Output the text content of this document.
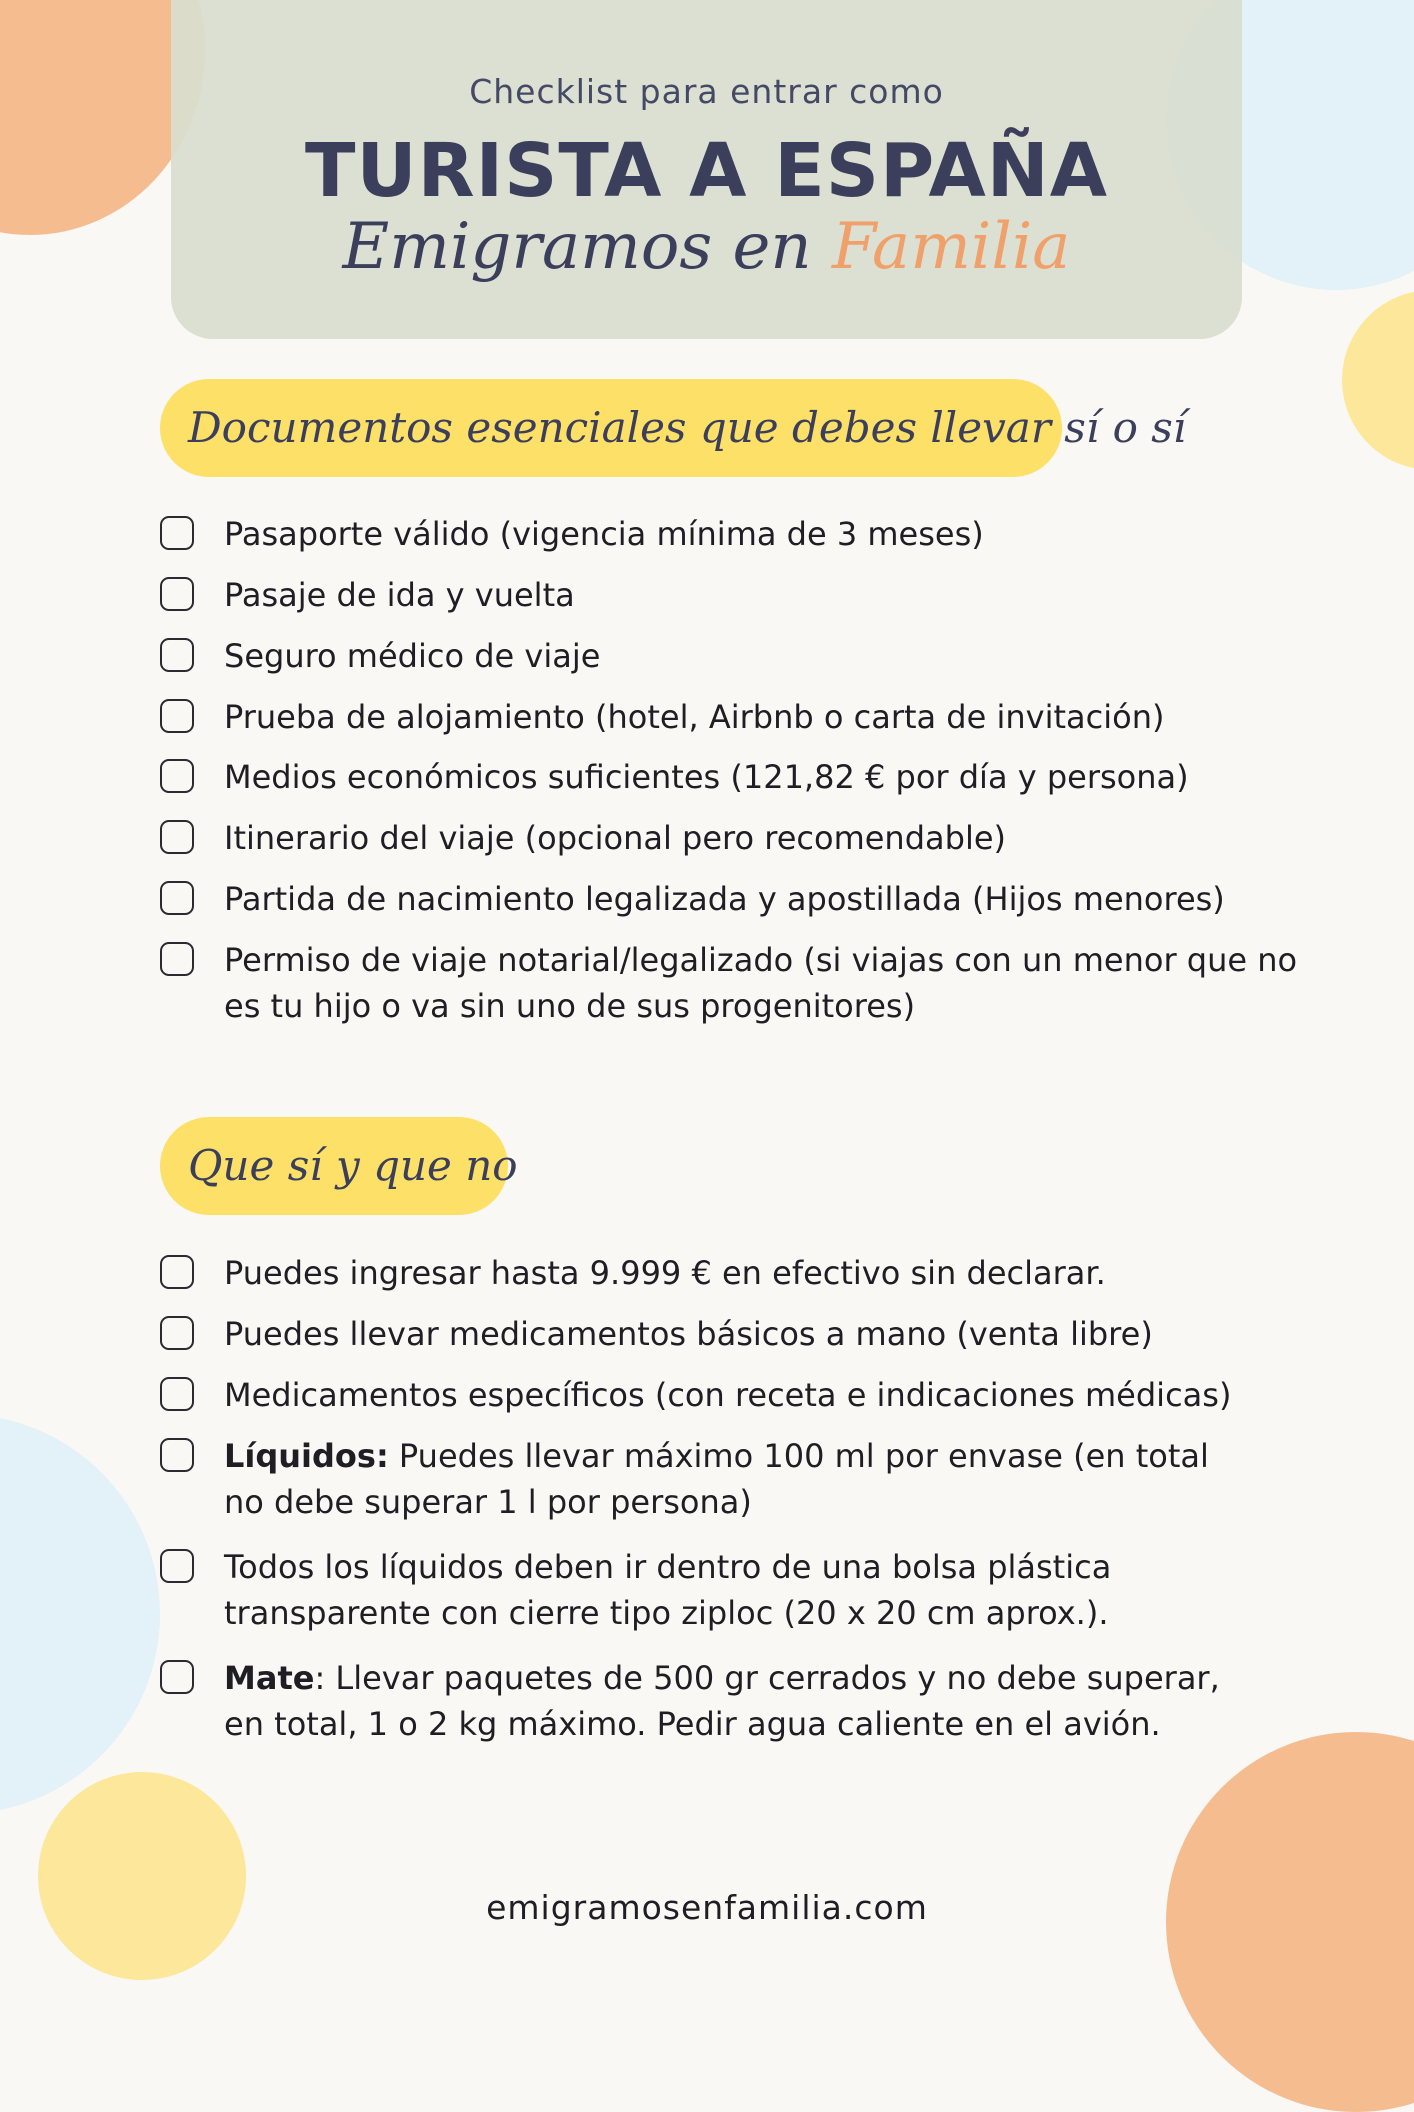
Checklist para entrar como
TURISTA A ESPAÑA
Emigramos en Familia
Documentos esenciales que debes llevar sí o sí
Pasaporte válido (vigencia mínima de 3 meses)
Pasaje de ida y vuelta
Seguro médico de viaje
Prueba de alojamiento (hotel, Airbnb o carta de invitación)
Medios económicos suficientes (121,82 € por día y persona)
Itinerario del viaje (opcional pero recomendable)
Partida de nacimiento legalizada y apostillada (Hijos menores)
Permiso de viaje notarial/legalizado (si viajas con un menor que no es tu hijo o va sin uno de sus progenitores)
Que sí y que no
Puedes ingresar hasta 9.999 € en efectivo sin declarar.
Puedes llevar medicamentos básicos a mano (venta libre)
Medicamentos específicos (con receta e indicaciones médicas)
Líquidos: Puedes llevar máximo 100 ml por envase (en total no debe superar 1 l por persona)
Todos los líquidos deben ir dentro de una bolsa plástica transparente con cierre tipo ziploc (20 x 20 cm aprox.).
Mate: Llevar paquetes de 500 gr cerrados y no debe superar, en total, 1 o 2 kg máximo. Pedir agua caliente en el avión.
emigramosenfamilia.com
